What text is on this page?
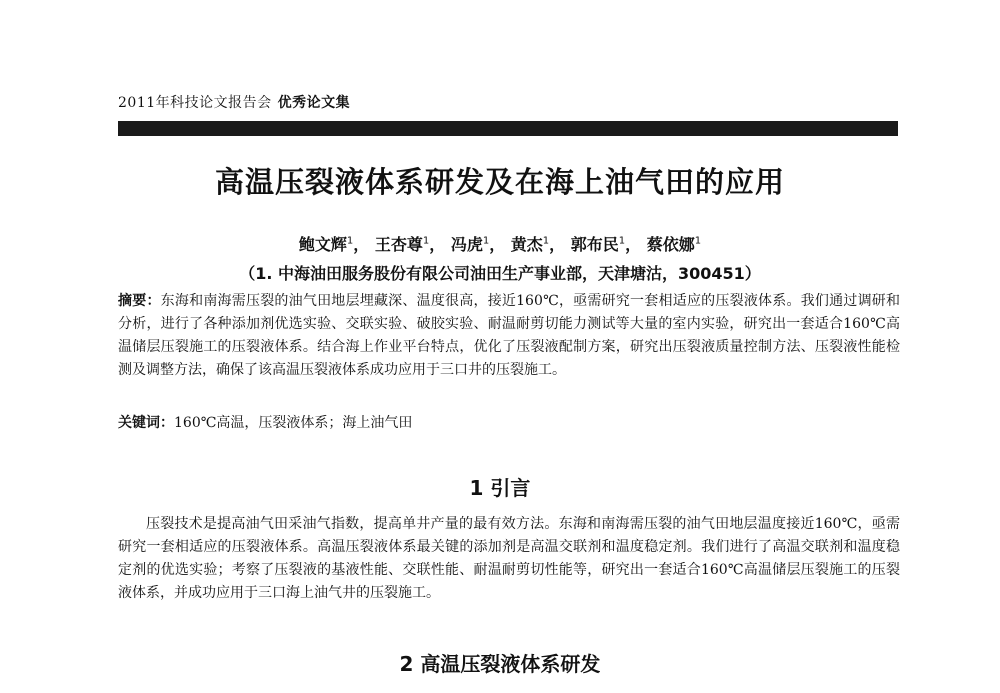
2011年科技论文报告会 优秀论文集
高温压裂液体系研发及在海上油气田的应用
鲍文辉$^1$， 王杏尊$^1$， 冯虎$^1$， 黄杰$^1$， 郭布民$^1$， 蔡依娜$^1$
（1. 中海油田服务股份有限公司油田生产事业部，天津塘沽，300451）
摘要：东海和南海需压裂的油气田地层埋藏深、温度很高，接近160℃，亟需研究一套相适应的压裂液体系。我们通过调研和分析，进行了各种添加剂优选实验、交联实验、破胶实验、耐温耐剪切能力测试等大量的室内实验，研究出一套适合160℃高温储层压裂施工的压裂液体系。结合海上作业平台特点，优化了压裂液配制方案，研究出压裂液质量控制方法、压裂液性能检测及调整方法，确保了该高温压裂液体系成功应用于三口井的压裂施工。
关键词：160℃高温，压裂液体系；海上油气田
1 引言
压裂技术是提高油气田采油气指数，提高单井产量的最有效方法。东海和南海需压裂的油气田地层温度接近160℃，亟需研究一套相适应的压裂液体系。高温压裂液体系最关键的添加剂是高温交联剂和温度稳定剂。我们进行了高温交联剂和温度稳定剂的优选实验；考察了压裂液的基液性能、交联性能、耐温耐剪切性能等，研究出一套适合160℃高温储层压裂施工的压裂液体系，并成功应用于三口海上油气井的压裂施工。
2 高温压裂液体系研发
